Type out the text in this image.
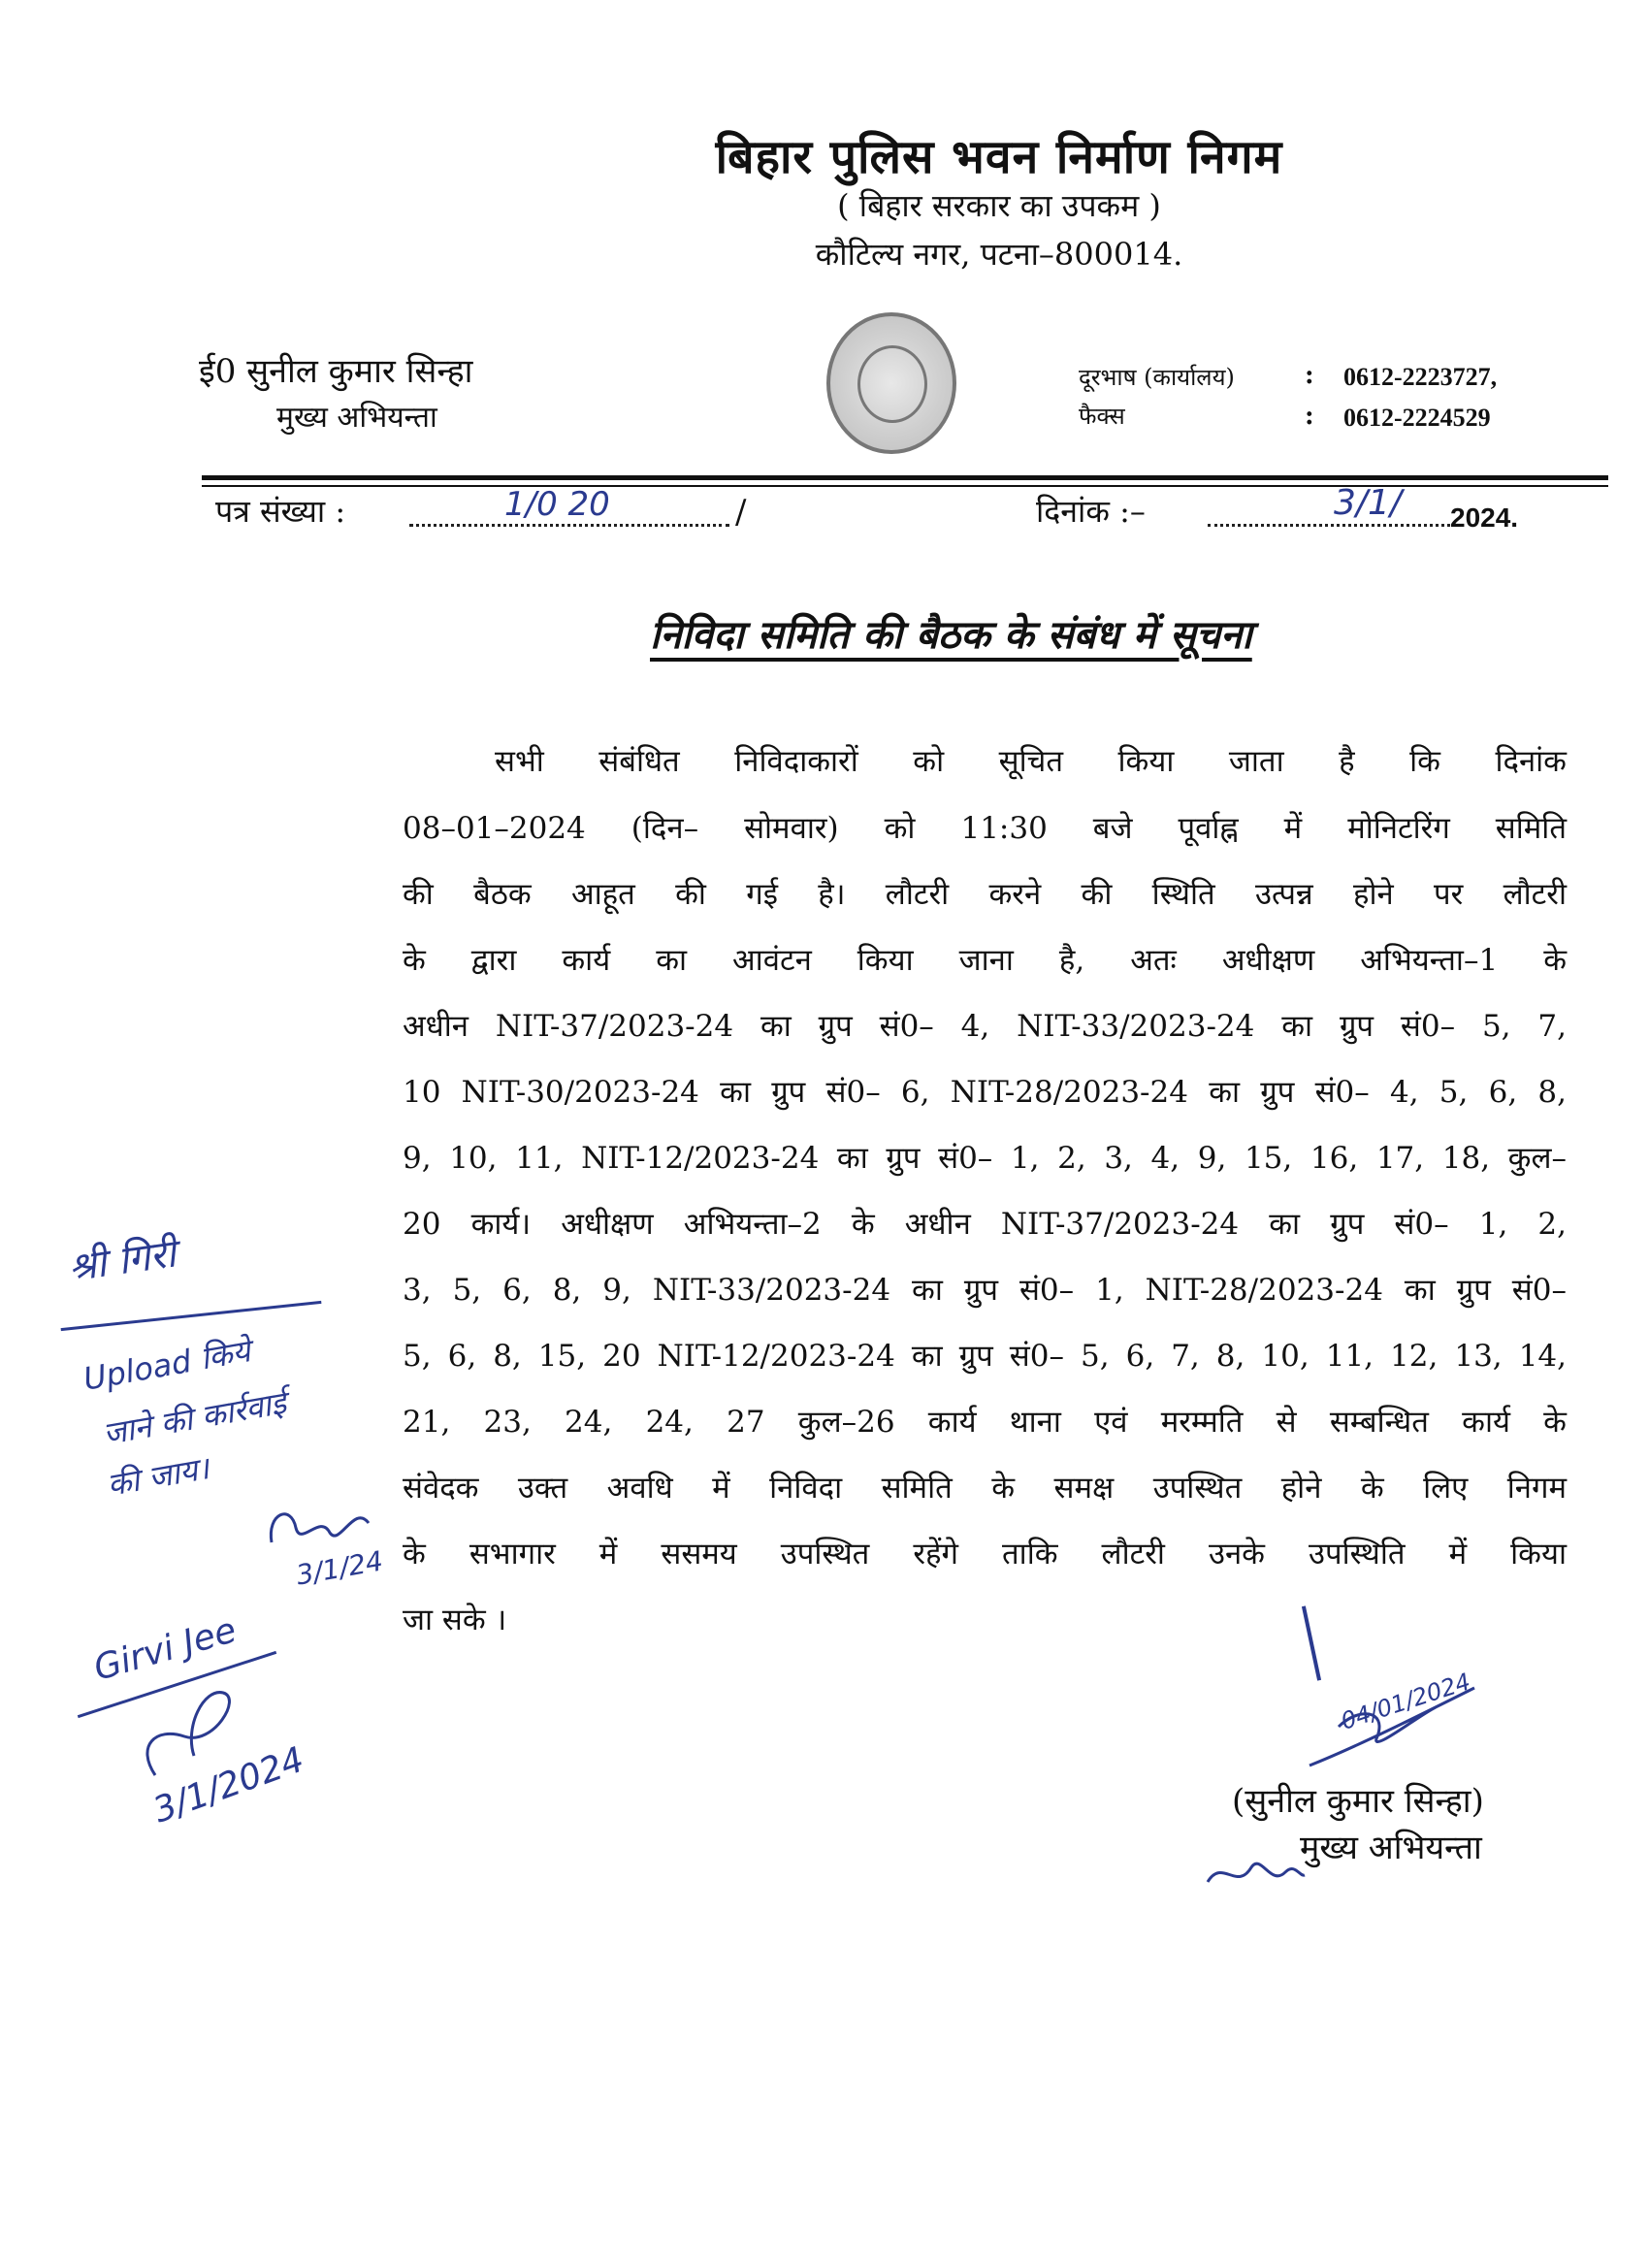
बिहार पुलिस भवन निर्माण निगम
( बिहार सरकार का उपकम )
कौटिल्य नगर, पटना–800014.
ई0 सुनील कुमार सिन्हा
मुख्य अभियन्ता
दूरभाष (कार्यालय)	: 0612-2223727,
फैक्स	: 0612-2224529
पत्र संख्या :	1/0 20	/	दिनांक :–	3/1/ 2024.
निविदा समिति की बैठक के संबंध में सूचना
सभी संबंधित निविदाकारों को सूचित किया जाता है कि दिनांक
08–01–2024 (दिन– सोमवार) को 11:30 बजे पूर्वाह्न में मोनिटरिंग समिति
की बैठक आहूत की गई है। लौटरी करने की स्थिति उत्पन्न होने पर लौटरी
के द्वारा कार्य का आवंटन किया जाना है, अतः अधीक्षण अभियन्ता–1 के
अधीन NIT-37/2023-24 का ग्रुप सं0– 4, NIT-33/2023-24 का ग्रुप सं0– 5, 7,
10 NIT-30/2023-24 का ग्रुप सं0– 6, NIT-28/2023-24 का ग्रुप सं0– 4, 5, 6, 8,
9, 10, 11, NIT-12/2023-24 का ग्रुप सं0– 1, 2, 3, 4, 9, 15, 16, 17, 18, कुल–
20 कार्य। अधीक्षण अभियन्ता–2 के अधीन NIT-37/2023-24 का ग्रुप सं0– 1, 2,
3, 5, 6, 8, 9, NIT-33/2023-24 का ग्रुप सं0– 1, NIT-28/2023-24 का ग्रुप सं0–
5, 6, 8, 15, 20 NIT-12/2023-24 का ग्रुप सं0– 5, 6, 7, 8, 10, 11, 12, 13, 14,
21, 23, 24, 24, 27 कुल–26 कार्य थाना एवं मरम्मति से सम्बन्धित कार्य के
संवेदक उक्त अवधि में निविदा समिति के समक्ष उपस्थित होने के लिए निगम
के सभागार में ससमय उपस्थित रहेंगे ताकि लौटरी उनके उपस्थिति में किया
जा सके ।
04/01/2024
(सुनील कुमार सिन्हा)
मुख्य अभियन्ता
श्री गिरी
Upload किये
जाने की कार्रवाई
की जाय।
3/1/24
Girvi Jee
3/1/2024
